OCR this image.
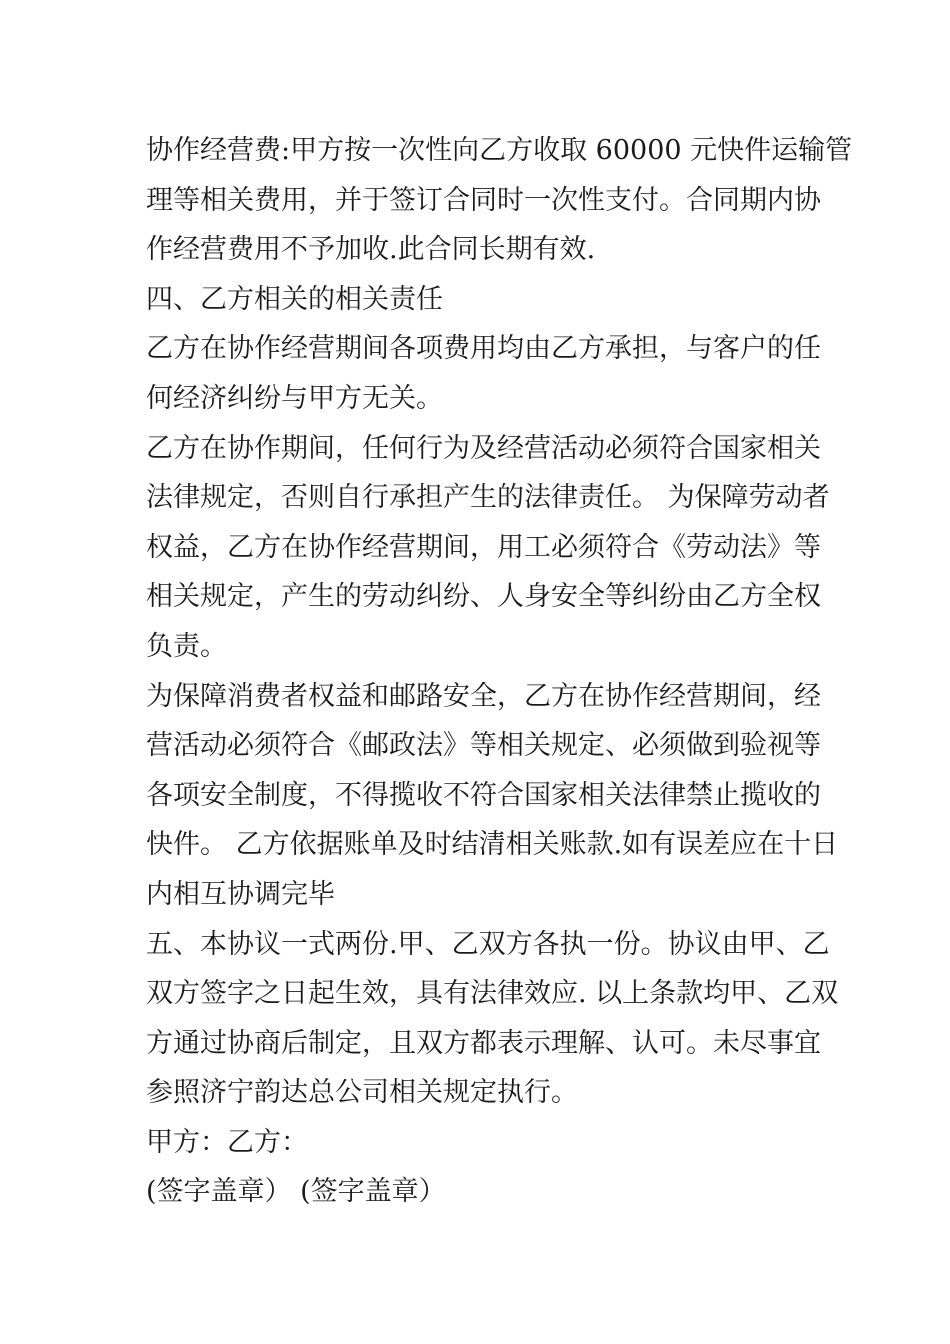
协作经营费:甲方按一次性向乙方收取 60000 元快件运输管
理等相关费用，并于签订合同时一次性支付。合同期内协
作经营费用不予加收.此合同长期有效.
四、乙方相关的相关责任
乙方在协作经营期间各项费用均由乙方承担，与客户的任
何经济纠纷与甲方无关。
乙方在协作期间，任何行为及经营活动必须符合国家相关
法律规定，否则自行承担产生的法律责任。 为保障劳动者
权益，乙方在协作经营期间，用工必须符合《劳动法》等
相关规定，产生的劳动纠纷、人身安全等纠纷由乙方全权
负责。
为保障消费者权益和邮路安全，乙方在协作经营期间，经
营活动必须符合《邮政法》等相关规定、必须做到验视等
各项安全制度，不得揽收不符合国家相关法律禁止揽收的
快件。 乙方依据账单及时结清相关账款.如有误差应在十日
内相互协调完毕
五、本协议一式两份.甲、乙双方各执一份。协议由甲、乙
双方签字之日起生效，具有法律效应. 以上条款均甲、乙双
方通过协商后制定，且双方都表示理解、认可。未尽事宜
参照济宁韵达总公司相关规定执行。
甲方：乙方：
(签字盖章） (签字盖章）
